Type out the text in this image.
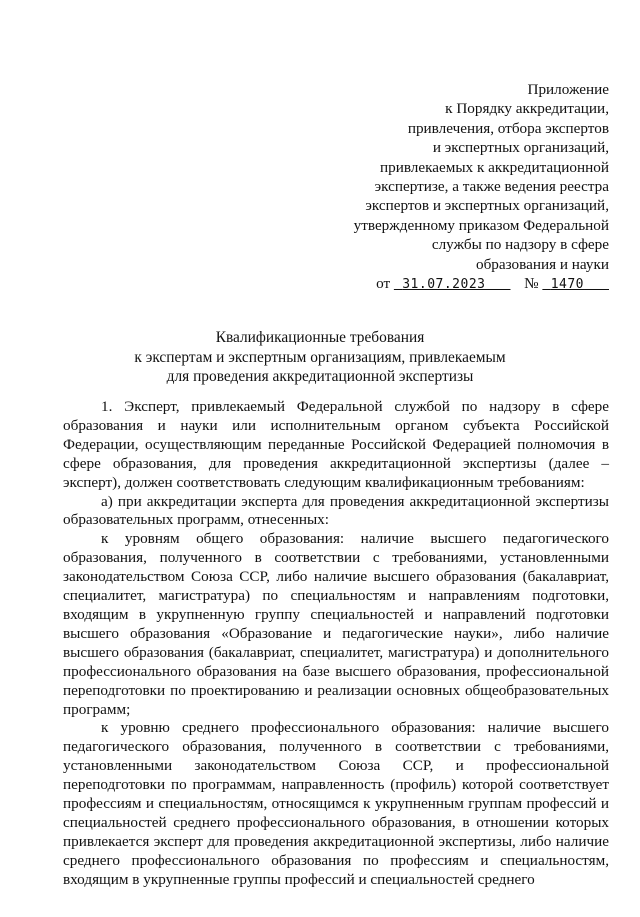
Приложение
к Порядку аккредитации,
привлечения, отбора экспертов
и экспертных организаций,
привлекаемых к аккредитационной
экспертизе, а также ведения реестра
экспертов и экспертных организаций,
утвержденному приказом Федеральной
службы по надзору в сфере
образования и науки
от 31.07.2023	№ 1470
Квалификационные требования
к экспертам и экспертным организациям, привлекаемым
для проведения аккредитационной экспертизы

1. Эксперт, привлекаемый Федеральной службой по надзору в сфере образования и науки или исполнительным органом субъекта Российской Федерации, осуществляющим переданные Российской Федерацией полномочия в сфере образования, для проведения аккредитационной экспертизы (далее – эксперт), должен соответствовать следующим квалификационным требованиям:

а) при аккредитации эксперта для проведения аккредитационной экспертизы образовательных программ, отнесенных:

к уровням общего образования: наличие высшего педагогического образования, полученного в соответствии с требованиями, установленными законодательством Союза ССР, либо наличие высшего образования (бакалавриат, специалитет, магистратура) по специальностям и направлениям подготовки, входящим в укрупненную группу специальностей и направлений подготовки высшего образования «Образование и педагогические науки», либо наличие высшего образования (бакалавриат, специалитет, магистратура) и дополнительного профессионального образования на базе высшего образования, профессиональной переподготовки по проектированию и реализации основных общеобразовательных программ;

к уровню среднего профессионального образования: наличие высшего педагогического образования, полученного в соответствии с требованиями, установленными законодательством Союза ССР, и профессиональной переподготовки по программам, направленность (профиль) которой соответствует профессиям и специальностям, относящимся к укрупненным группам профессий и специальностей среднего профессионального образования, в отношении которых привлекается эксперт для проведения аккредитационной экспертизы, либо наличие среднего профессионального образования по профессиям и специальностям, входящим в укрупненные группы профессий и специальностей среднего
